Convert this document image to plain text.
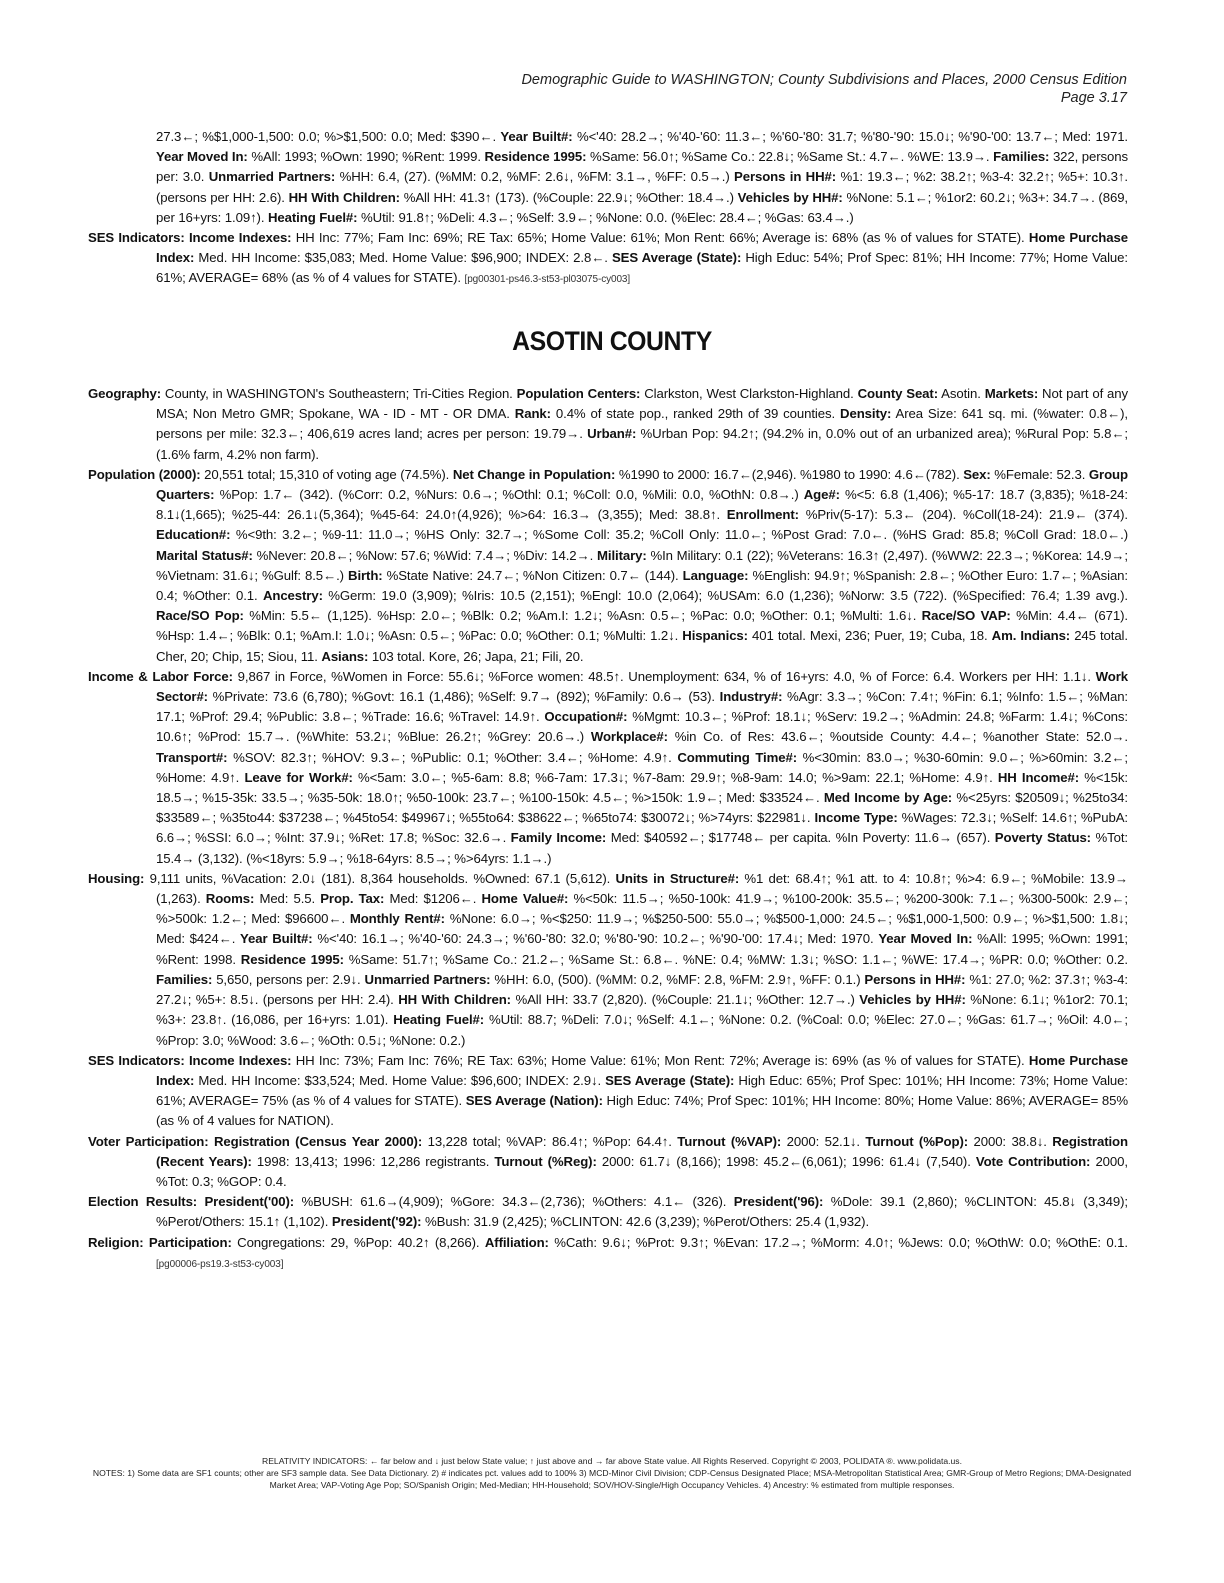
Demographic Guide to WASHINGTON; County Subdivisions and Places, 2000 Census Edition
Page 3.17

27.3←; %$1,000-1,500: 0.0; %>$1,500: 0.0; Med: $390←. Year Built#: %<'40: 28.2→; %'40-'60: 11.3←; %'60-'80: 31.7; %'80-'90: 15.0↓; %'90-'00: 13.7←; Med: 1971. Year Moved In: %All: 1993; %Own: 1990; %Rent: 1999. Residence 1995: %Same: 56.0↑; %Same Co.: 22.8↓; %Same St.: 4.7←. %WE: 13.9→. Families: 322, persons per: 3.0. Unmarried Partners: %HH: 6.4, (27). (%MM: 0.2, %MF: 2.6↓, %FM: 3.1→, %FF: 0.5→.) Persons in HH#: %1: 19.3←; %2: 38.2↑; %3-4: 32.2↑; %5+: 10.3↑. (persons per HH: 2.6). HH With Children: %All HH: 41.3↑ (173). (%Couple: 22.9↓; %Other: 18.4→.) Vehicles by HH#: %None: 5.1←; %1or2: 60.2↓; %3+: 34.7→. (869, per 16+yrs: 1.09↑). Heating Fuel#: %Util: 91.8↑; %Deli: 4.3←; %Self: 3.9←; %None: 0.0. (%Elec: 28.4←; %Gas: 63.4→.)

SES Indicators: Income Indexes: HH Inc: 77%; Fam Inc: 69%; RE Tax: 65%; Home Value: 61%; Mon Rent: 66%; Average is: 68% (as % of values for STATE). Home Purchase Index: Med. HH Income: $35,083; Med. Home Value: $96,900; INDEX: 2.8←. SES Average (State): High Educ: 54%; Prof Spec: 81%; HH Income: 77%; Home Value: 61%; AVERAGE= 68% (as % of 4 values for STATE). [pg00301-ps46.3-st53-pl03075-cy003]

ASOTIN COUNTY

Geography: County, in WASHINGTON's Southeastern; Tri-Cities Region. Population Centers: Clarkston, West Clarkston-Highland. County Seat: Asotin. Markets: Not part of any MSA; Non Metro GMR; Spokane, WA - ID - MT - OR DMA. Rank: 0.4% of state pop., ranked 29th of 39 counties. Density: Area Size: 641 sq. mi. (%water: 0.8←), persons per mile: 32.3←; 406,619 acres land; acres per person: 19.79→. Urban#: %Urban Pop: 94.2↑; (94.2% in, 0.0% out of an urbanized area); %Rural Pop: 5.8←; (1.6% farm, 4.2% non farm).

Population (2000): 20,551 total; 15,310 of voting age (74.5%). Net Change in Population: %1990 to 2000: 16.7←(2,946). %1980 to 1990: 4.6←(782). Sex: %Female: 52.3. Group Quarters: %Pop: 1.7← (342). (%Corr: 0.2, %Nurs: 0.6→; %Othl: 0.1; %Coll: 0.0, %Mili: 0.0, %OthN: 0.8→.) Age#: %<5: 6.8 (1,406); %5-17: 18.7 (3,835); %18-24: 8.1↓(1,665); %25-44: 26.1↓(5,364); %45-64: 24.0↑(4,926); %>64: 16.3→ (3,355); Med: 38.8↑. Enrollment: %Priv(5-17): 5.3← (204). %Coll(18-24): 21.9← (374). Education#: %<9th: 3.2←; %9-11: 11.0→; %HS Only: 32.7→; %Some Coll: 35.2; %Coll Only: 11.0←; %Post Grad: 7.0←. (%HS Grad: 85.8; %Coll Grad: 18.0←.) Marital Status#: %Never: 20.8←; %Now: 57.6; %Wid: 7.4→; %Div: 14.2→. Military: %In Military: 0.1 (22); %Veterans: 16.3↑ (2,497). (%WW2: 22.3→; %Korea: 14.9→; %Vietnam: 31.6↓; %Gulf: 8.5←.) Birth: %State Native: 24.7←; %Non Citizen: 0.7← (144). Language: %English: 94.9↑; %Spanish: 2.8←; %Other Euro: 1.7←; %Asian: 0.4; %Other: 0.1. Ancestry: %Germ: 19.0 (3,909); %Iris: 10.5 (2,151); %Engl: 10.0 (2,064); %USAm: 6.0 (1,236); %Norw: 3.5 (722). (%Specified: 76.4; 1.39 avg.). Race/SO Pop: %Min: 5.5← (1,125). %Hsp: 2.0←; %Blk: 0.2; %Am.I: 1.2↓; %Asn: 0.5←; %Pac: 0.0; %Other: 0.1; %Multi: 1.6↓. Race/SO VAP: %Min: 4.4← (671). %Hsp: 1.4←; %Blk: 0.1; %Am.I: 1.0↓; %Asn: 0.5←; %Pac: 0.0; %Other: 0.1; %Multi: 1.2↓. Hispanics: 401 total. Mexi, 236; Puer, 19; Cuba, 18. Am. Indians: 245 total. Cher, 20; Chip, 15; Siou, 11. Asians: 103 total. Kore, 26; Japa, 21; Fili, 20.

Income & Labor Force: 9,867 in Force, %Women in Force: 55.6↓; %Force women: 48.5↑. Unemployment: 634, % of 16+yrs: 4.0, % of Force: 6.4. Workers per HH: 1.1↓. Work Sector#: %Private: 73.6 (6,780); %Govt: 16.1 (1,486); %Self: 9.7→ (892); %Family: 0.6→ (53). Industry#: %Agr: 3.3→; %Con: 7.4↑; %Fin: 6.1; %Info: 1.5←; %Man: 17.1; %Prof: 29.4; %Public: 3.8←; %Trade: 16.6; %Travel: 14.9↑. Occupation#: %Mgmt: 10.3←; %Prof: 18.1↓; %Serv: 19.2→; %Admin: 24.8; %Farm: 1.4↓; %Cons: 10.6↑; %Prod: 15.7→. (%White: 53.2↓; %Blue: 26.2↑; %Grey: 20.6→.) Workplace#: %in Co. of Res: 43.6←; %outside County: 4.4←; %another State: 52.0→. Transport#: %SOV: 82.3↑; %HOV: 9.3←; %Public: 0.1; %Other: 3.4←; %Home: 4.9↑. Commuting Time#: %<30min: 83.0→; %30-60min: 9.0←; %>60min: 3.2←; %Home: 4.9↑. Leave for Work#: %<5am: 3.0←; %5-6am: 8.8; %6-7am: 17.3↓; %7-8am: 29.9↑; %8-9am: 14.0; %>9am: 22.1; %Home: 4.9↑. HH Income#: %<15k: 18.5→; %15-35k: 33.5→; %35-50k: 18.0↑; %50-100k: 23.7←; %100-150k: 4.5←; %>150k: 1.9←; Med: $33524←. Med Income by Age: %<25yrs: $20509↓; %25to34: $33589←; %35to44: $37238←; %45to54: $49967↓; %55to64: $38622←; %65to74: $30072↓; %>74yrs: $22981↓. Income Type: %Wages: 72.3↓; %Self: 14.6↑; %PubA: 6.6→; %SSI: 6.0→; %Int: 37.9↓; %Ret: 17.8; %Soc: 32.6→. Family Income: Med: $40592←; $17748← per capita. %In Poverty: 11.6→ (657). Poverty Status: %Tot: 15.4→ (3,132). (%<18yrs: 5.9→; %18-64yrs: 8.5→; %>64yrs: 1.1→.)

Housing: 9,111 units, %Vacation: 2.0↓ (181). 8,364 households. %Owned: 67.1 (5,612). Units in Structure#: %1 det: 68.4↑; %1 att. to 4: 10.8↑; %>4: 6.9←; %Mobile: 13.9→ (1,263). Rooms: Med: 5.5. Prop. Tax: Med: $1206←. Home Value#: %<50k: 11.5→; %50-100k: 41.9→; %100-200k: 35.5←; %200-300k: 7.1←; %300-500k: 2.9←; %>500k: 1.2←; Med: $96600←. Monthly Rent#: %None: 6.0→; %<$250: 11.9→; %$250-500: 55.0→; %$500-1,000: 24.5←; %$1,000-1,500: 0.9←; %>$1,500: 1.8↓; Med: $424←. Year Built#: %<'40: 16.1→; %'40-'60: 24.3→; %'60-'80: 32.0; %'80-'90: 10.2←; %'90-'00: 17.4↓; Med: 1970. Year Moved In: %All: 1995; %Own: 1991; %Rent: 1998. Residence 1995: %Same: 51.7↑; %Same Co.: 21.2←; %Same St.: 6.8←. %NE: 0.4; %MW: 1.3↓; %SO: 1.1←; %WE: 17.4→; %PR: 0.0; %Other: 0.2. Families: 5,650, persons per: 2.9↓. Unmarried Partners: %HH: 6.0, (500). (%MM: 0.2, %MF: 2.8, %FM: 2.9↑, %FF: 0.1.) Persons in HH#: %1: 27.0; %2: 37.3↑; %3-4: 27.2↓; %5+: 8.5↓. (persons per HH: 2.4). HH With Children: %All HH: 33.7 (2,820). (%Couple: 21.1↓; %Other: 12.7→.) Vehicles by HH#: %None: 6.1↓; %1or2: 70.1; %3+: 23.8↑. (16,086, per 16+yrs: 1.01). Heating Fuel#: %Util: 88.7; %Deli: 7.0↓; %Self: 4.1←; %None: 0.2. (%Coal: 0.0; %Elec: 27.0←; %Gas: 61.7→; %Oil: 4.0←; %Prop: 3.0; %Wood: 3.6←; %Oth: 0.5↓; %None: 0.2.)

SES Indicators: Income Indexes: HH Inc: 73%; Fam Inc: 76%; RE Tax: 63%; Home Value: 61%; Mon Rent: 72%; Average is: 69% (as % of values for STATE). Home Purchase Index: Med. HH Income: $33,524; Med. Home Value: $96,600; INDEX: 2.9↓. SES Average (State): High Educ: 65%; Prof Spec: 101%; HH Income: 73%; Home Value: 61%; AVERAGE= 75% (as % of 4 values for STATE). SES Average (Nation): High Educ: 74%; Prof Spec: 101%; HH Income: 80%; Home Value: 86%; AVERAGE= 85% (as % of 4 values for NATION).

Voter Participation: Registration (Census Year 2000): 13,228 total; %VAP: 86.4↑; %Pop: 64.4↑. Turnout (%VAP): 2000: 52.1↓. Turnout (%Pop): 2000: 38.8↓. Registration (Recent Years): 1998: 13,413; 1996: 12,286 registrants. Turnout (%Reg): 2000: 61.7↓ (8,166); 1998: 45.2←(6,061); 1996: 61.4↓ (7,540). Vote Contribution: 2000, %Tot: 0.3; %GOP: 0.4.

Election Results: President('00): %BUSH: 61.6→(4,909); %Gore: 34.3←(2,736); %Others: 4.1← (326). President('96): %Dole: 39.1 (2,860); %CLINTON: 45.8↓ (3,349); %Perot/Others: 15.1↑ (1,102). President('92): %Bush: 31.9 (2,425); %CLINTON: 42.6 (3,239); %Perot/Others: 25.4 (1,932).

Religion: Participation: Congregations: 29, %Pop: 40.2↑ (8,266). Affiliation: %Cath: 9.6↓; %Prot: 9.3↑; %Evan: 17.2→; %Morm: 4.0↑; %Jews: 0.0; %OthW: 0.0; %OthE: 0.1. [pg00006-ps19.3-st53-cy003]

RELATIVITY INDICATORS: ← far below and ↓ just below State value; ↑ just above and → far above State value. All Rights Reserved. Copyright © 2003, POLIDATA ®. www.polidata.us.
NOTES: 1) Some data are SF1 counts; other are SF3 sample data. See Data Dictionary. 2) # indicates pct. values add to 100% 3) MCD-Minor Civil Division; CDP-Census Designated Place; MSA-Metropolitan Statistical Area; GMR-Group of Metro Regions; DMA-Designated Market Area; VAP-Voting Age Pop; SO/Spanish Origin; Med-Median; HH-Household; SOV/HOV-Single/High Occupancy Vehicles. 4) Ancestry: % estimated from multiple responses.
